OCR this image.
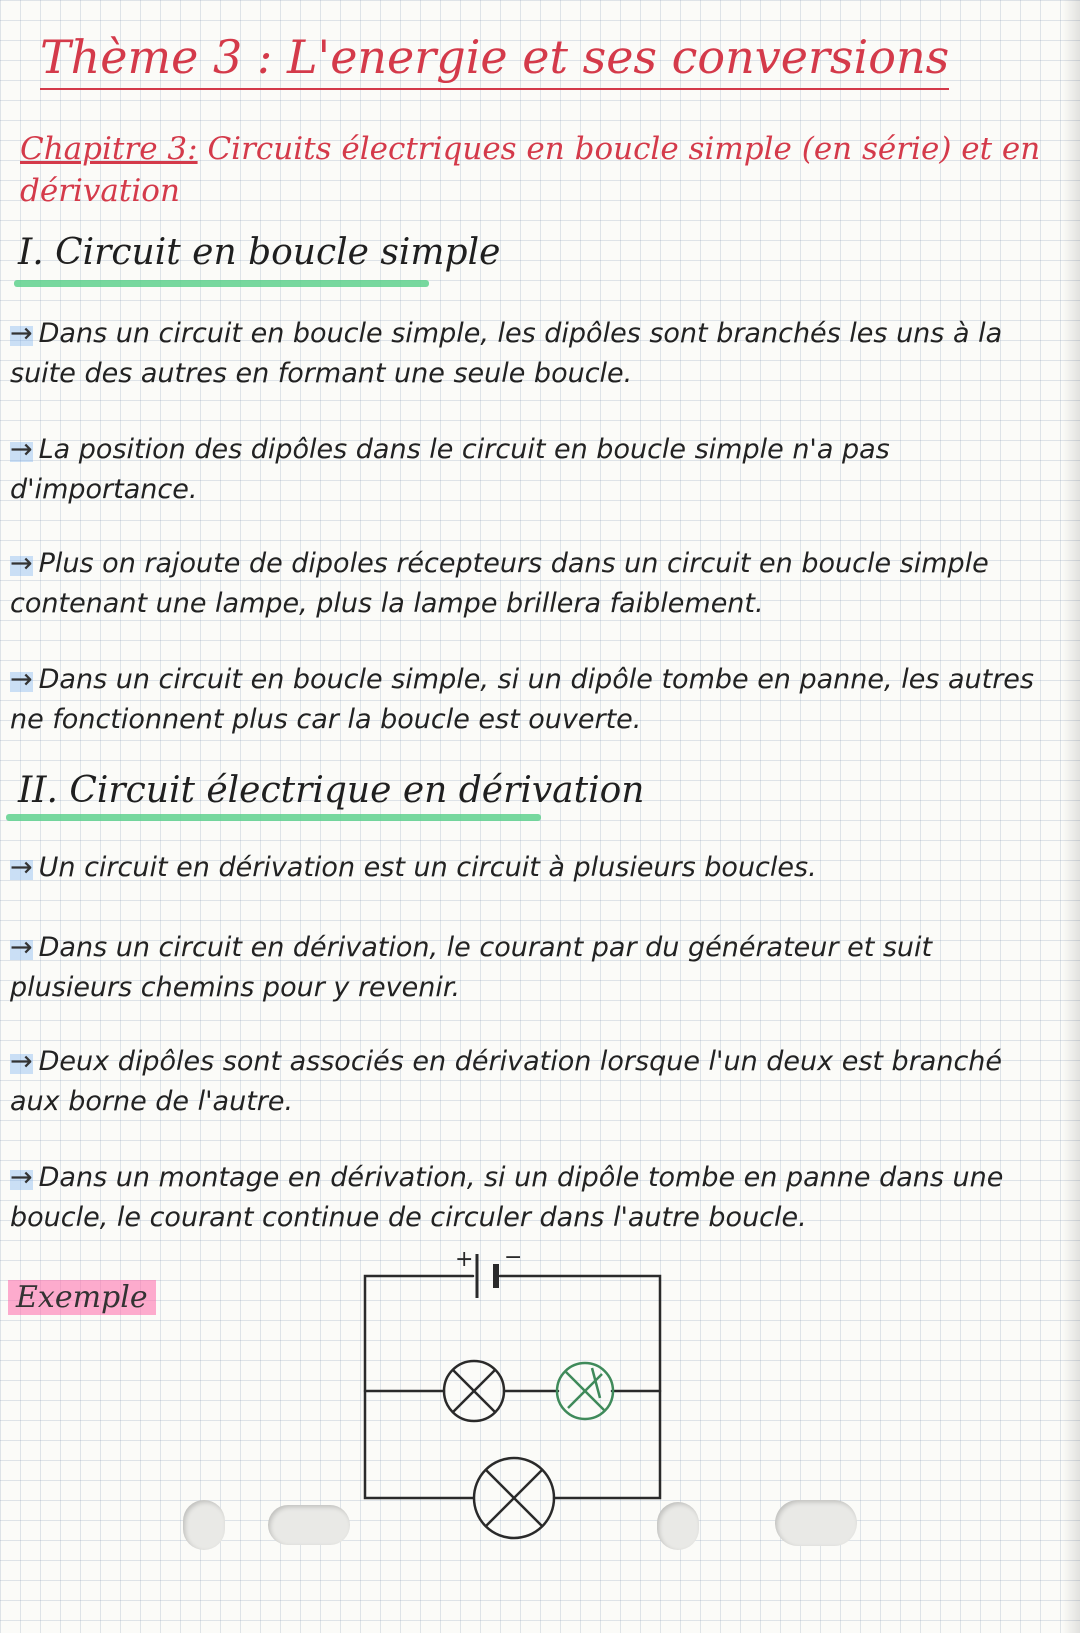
Thème 3 : L'energie et ses conversions
Chapitre 3: Circuits électriques en boucle simple (en série) et en dérivation
I. Circuit en boucle simple
→ Dans un circuit en boucle simple, les dipôles sont branchés les uns à la suite des autres en formant une seule boucle.
→ La position des dipôles dans le circuit en boucle simple n'a pas d'importance.
→ Plus on rajoute de dipoles récepteurs dans un circuit en boucle simple contenant une lampe, plus la lampe brillera faiblement.
→ Dans un circuit en boucle simple, si un dipôle tombe en panne, les autres ne fonctionnent plus car la boucle est ouverte.
II. Circuit électrique en dérivation
→ Un circuit en dérivation est un circuit à plusieurs boucles.
→ Dans un circuit en dérivation, le courant par du générateur et suit plusieurs chemins pour y revenir.
→ Deux dipôles sont associés en dérivation lorsque l'un deux est branché aux borne de l'autre.
→ Dans un montage en dérivation, si un dipôle tombe en panne dans une boucle, le courant continue de circuler dans l'autre boucle.
Exemple
+ −
